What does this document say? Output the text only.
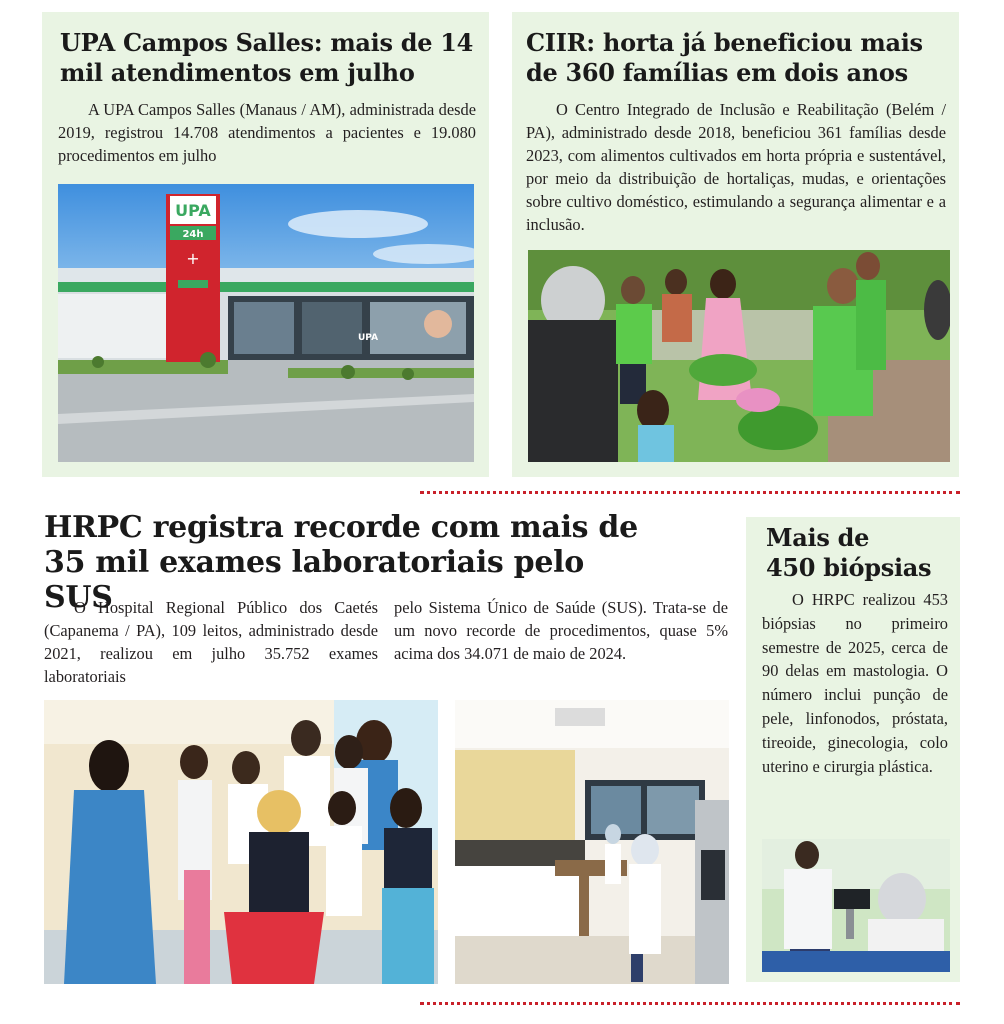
UPA Campos Salles: mais de 14 mil atendimentos em julho

A UPA Campos Salles (Manaus / AM), administrada desde 2019, registrou 14.708 atendimentos a pacientes e 19.080 procedimentos em julho

UPA
24h
+
UPA
CIIR: horta já beneficiou mais de 360 famílias em dois anos

O Centro Integrado de Inclusão e Reabilitação (Belém / PA), administrado desde 2018, beneficiou 361 famílias desde 2023, com alimentos cultivados em horta própria e sustentável, por meio da distribuição de hortaliças, mudas, e orientações sobre cultivo doméstico, estimulando a segurança alimentar e a inclusão.

HRPC registra recorde com mais de 35 mil exames laboratoriais pelo SUS

O Hospital Regional Público dos Caetés (Capanema / PA), 109 leitos, administrado desde 2021, realizou em julho 35.752 exames laboratoriais

pelo Sistema Único de Saúde (SUS). Trata-se de um novo recorde de procedimentos, quase 5% acima dos 34.071 de maio de 2024.

Mais de
450 biópsias

O HRPC realizou 453 biópsias no primeiro semestre de 2025, cerca de 90 delas em mastologia. O número inclui punção de pele, linfonodos, próstata, tireoide, ginecologia, colo uterino e cirurgia plástica.
